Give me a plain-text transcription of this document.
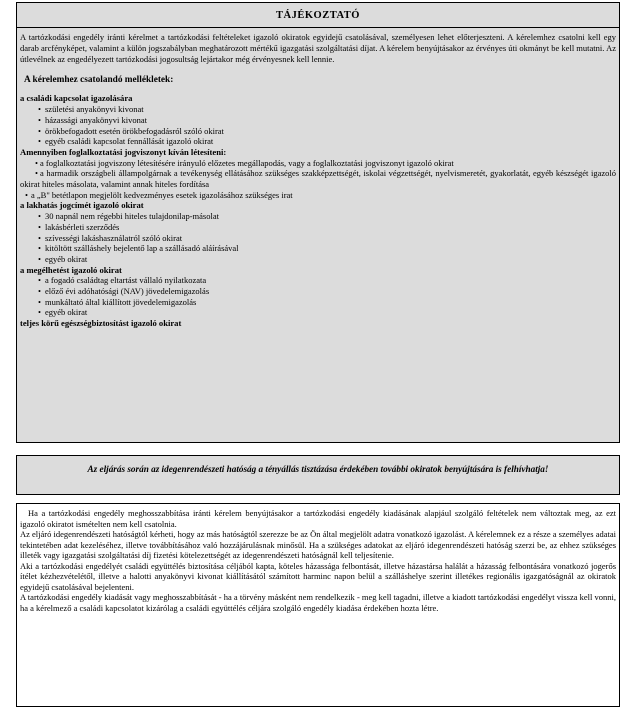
TÁJÉKOZTATÓ
A tartózkodási engedély iránti kérelmet a tartózkodási feltételeket igazoló okiratok egyidejű csatolásával, személyesen lehet előterjeszteni. A kérelemhez csatolni kell egy darab arcfényképet, valamint a külön jogszabályban meghatározott mértékű igazgatási szolgáltatási díjat. A kérelem benyújtásakor az érvényes úti okmányt be kell mutatni. Az útlevélnek az engedélyezett tartózkodási jogosultság lejártakor még érvényesnek kell lennie.
A kérelemhez csatolandó mellékletek:
a családi kapcsolat igazolására
• születési anyakönyvi kivonat
• házassági anyakönyvi kivonat
• örökbefogadott esetén örökbefogadásról szóló okirat
• egyéb családi kapcsolat fennállását igazoló okirat
Amennyiben foglalkoztatási jogviszonyt kíván létesíteni:
• a foglalkoztatási jogviszony létesítésére irányuló előzetes megállapodás, vagy a foglalkoztatási jogviszonyt igazoló okirat
• a harmadik országbeli állampolgárnak a tevékenység ellátásához szükséges szakképzettségét, iskolai végzettségét, nyelvismeretét, gyakorlatát, egyéb készségét igazoló okirat hiteles másolata, valamint annak hiteles fordítása
• a „B" betétlapon megjelölt kedvezményes esetek igazolásához szükséges irat
a lakhatás jogcímét igazoló okirat
• 30 napnál nem régebbi hiteles tulajdonilap-másolat
• lakásbérleti szerződés
• szívességi lakáshasználatról szóló okirat
• kitöltött szálláshely bejelentő lap a szállásadó aláírásával
• egyéb okirat
a megélhetést igazoló okirat
• a fogadó családtag eltartást vállaló nyilatkozata
• előző évi adóhatósági (NAV) jövedelemigazolás
• munkáltató által kiállított jövedelemigazolás
• egyéb okirat
teljes körű egészségbiztosítást igazoló okirat
Az eljárás során az idegenrendészeti hatóság a tényállás tisztázása érdekében további okiratok benyújtására is felhívhatja!
Ha a tartózkodási engedély meghosszabbítása iránti kérelem benyújtásakor a tartózkodási engedély kiadásának alapjául szolgáló feltételek nem változtak meg, az ezt igazoló okiratot ismételten nem kell csatolnia.
Az eljáró idegenrendészeti hatóságtól kérheti, hogy az más hatóságtól szerezze be az Ön által megjelölt adatra vonatkozó igazolást. A kérelemnek ez a része a személyes adatai tekintetében adat kezeléséhez, illetve továbbításához való hozzájárulásnak minősül. Ha a szükséges adatokat az eljáró idegenrendészeti hatóság szerzi be, az ehhez szükséges illeték vagy igazgatási szolgáltatási díj fizetési kötelezettségét az idegenrendészeti hatóságnál kell teljesítenie.
Aki a tartózkodási engedélyét családi együttélés biztosítása céljából kapta, köteles házassága felbontását, illetve házastársa halálát a házasság felbontására vonatkozó jogerős ítélet kézhezvételétől, illetve a halotti anyakönyvi kivonat kiállításától számított harminc napon belül a szálláshelye szerint illetékes regionális igazgatóságnál az okiratok egyidejű csatolásával bejelenteni.
A tartózkodási engedély kiadását vagy meghosszabbítását - ha a törvény másként nem rendelkezik - meg kell tagadni, illetve a kiadott tartózkodási engedélyt vissza kell vonni, ha a kérelmező a családi kapcsolatot kizárólag a családi együttélés céljára szolgáló engedély kiadása érdekében hozta létre.
